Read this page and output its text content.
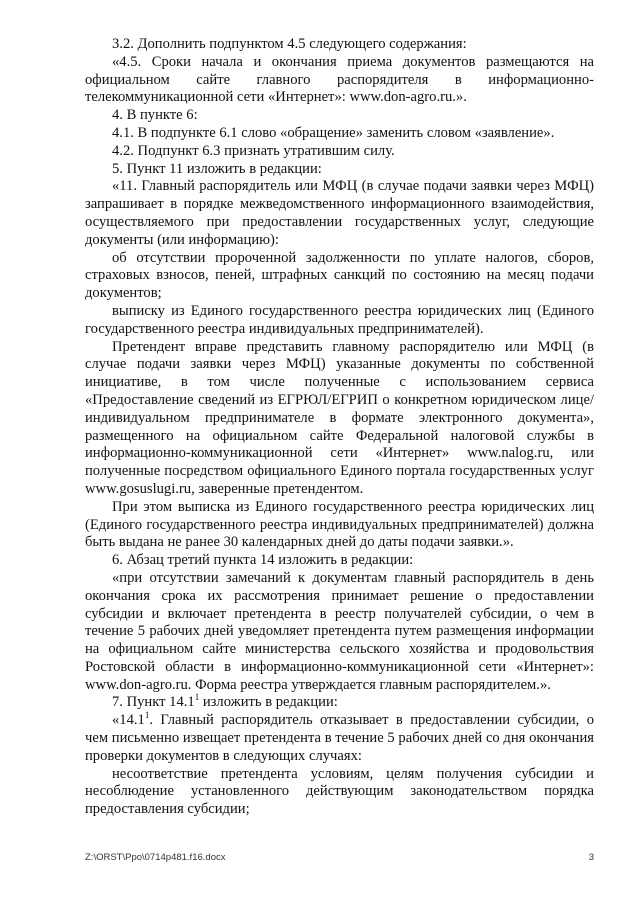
3.2. Дополнить подпунктом 4.5 следующего содержания:

«4.5. Сроки начала и окончания приема документов размещаются на официальном сайте главного распорядителя в информационно-телекоммуникационной сети «Интернет»: www.don-agro.ru.».

4. В пункте 6:

4.1. В подпункте 6.1 слово «обращение» заменить словом «заявление».

4.2. Подпункт 6.3 признать утратившим силу.

5. Пункт 11 изложить в редакции:

«11. Главный распорядитель или МФЦ (в случае подачи заявки через МФЦ) запрашивает в порядке межведомственного информационного взаимодействия, осуществляемого при предоставлении государственных услуг, следующие документы (или информацию):

об отсутствии пророченной задолженности по уплате налогов, сборов, страховых взносов, пеней, штрафных санкций по состоянию на месяц подачи документов;

выписку из Единого государственного реестра юридических лиц (Единого государственного реестра индивидуальных предпринимателей).

Претендент вправе представить главному распорядителю или МФЦ (в случае подачи заявки через МФЦ) указанные документы по собственной инициативе, в том числе полученные с использованием сервиса «Предоставление сведений из ЕГРЮЛ/ЕГРИП о конкретном юридическом лице/индивидуальном предпринимателе в формате электронного документа», размещенного на официальном сайте Федеральной налоговой службы в информационно-коммуникационной сети «Интернет» www.nalog.ru, или полученные посредством официального Единого портала государственных услуг www.gosuslugi.ru, заверенные претендентом.

При этом выписка из Единого государственного реестра юридических лиц (Единого государственного реестра индивидуальных предпринимателей) должна быть выдана не ранее 30 календарных дней до даты подачи заявки.».

6. Абзац третий пункта 14 изложить в редакции:

«при отсутствии замечаний к документам главный распорядитель в день окончания срока их рассмотрения принимает решение о предоставлении субсидии и включает претендента в реестр получателей субсидии, о чем в течение 5 рабочих дней уведомляет претендента путем размещения информации на официальном сайте министерства сельского хозяйства и продовольствия Ростовской области в информационно-коммуникационной сети «Интернет»: www.don-agro.ru. Форма реестра утверждается главным распорядителем.».

7. Пункт 14.1$^1$ изложить в редакции:

«14.1$^1$. Главный распорядитель отказывает в предоставлении субсидии, о чем письменно извещает претендента в течение 5 рабочих дней со дня окончания проверки документов в следующих случаях:

несоответствие претендента условиям, целям получения субсидии и несоблюдение установленного действующим законодательством порядка предоставления субсидии;

Z:\ORST\Ppo\0714p481.f16.docx	3
